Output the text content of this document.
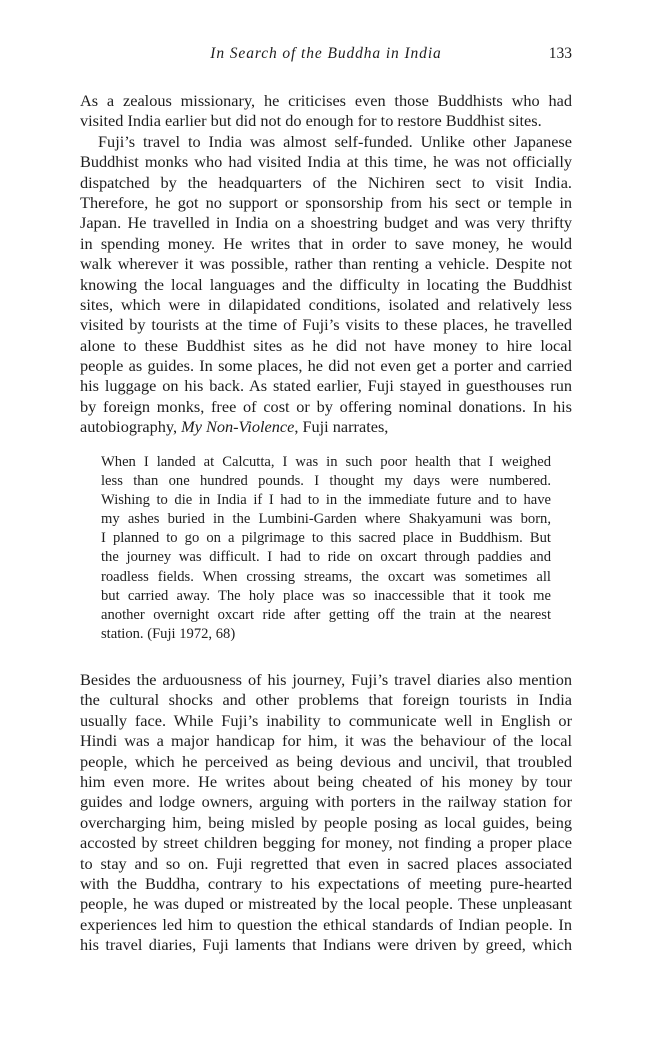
In Search of the Buddha in India	133
As a zealous missionary, he criticises even those Buddhists who had
visited India earlier but did not do enough for to restore Buddhist sites.
Fuji’s travel to India was almost self-funded. Unlike other Japanese
Buddhist monks who had visited India at this time, he was not officially
dispatched by the headquarters of the Nichiren sect to visit India.
Therefore, he got no support or sponsorship from his sect or temple in
Japan. He travelled in India on a shoestring budget and was very thrifty
in spending money. He writes that in order to save money, he would
walk wherever it was possible, rather than renting a vehicle. Despite not
knowing the local languages and the difficulty in locating the Buddhist
sites, which were in dilapidated conditions, isolated and relatively less
visited by tourists at the time of Fuji’s visits to these places, he travelled
alone to these Buddhist sites as he did not have money to hire local
people as guides. In some places, he did not even get a porter and carried
his luggage on his back. As stated earlier, Fuji stayed in guesthouses run
by foreign monks, free of cost or by offering nominal donations. In his
autobiography, My Non-Violence, Fuji narrates,
When I landed at Calcutta, I was in such poor health that I weighed
less than one hundred pounds. I thought my days were numbered.
Wishing to die in India if I had to in the immediate future and to have
my ashes buried in the Lumbini-Garden where Shakyamuni was born,
I planned to go on a pilgrimage to this sacred place in Buddhism. But
the journey was difficult. I had to ride on oxcart through paddies and
roadless fields. When crossing streams, the oxcart was sometimes all
but carried away. The holy place was so inaccessible that it took me
another overnight oxcart ride after getting off the train at the nearest
station. (Fuji 1972, 68)
Besides the arduousness of his journey, Fuji’s travel diaries also mention
the cultural shocks and other problems that foreign tourists in India
usually face. While Fuji’s inability to communicate well in English or
Hindi was a major handicap for him, it was the behaviour of the local
people, which he perceived as being devious and uncivil, that troubled
him even more. He writes about being cheated of his money by tour
guides and lodge owners, arguing with porters in the railway station for
overcharging him, being misled by people posing as local guides, being
accosted by street children begging for money, not finding a proper place
to stay and so on. Fuji regretted that even in sacred places associated
with the Buddha, contrary to his expectations of meeting pure-hearted
people, he was duped or mistreated by the local people. These unpleasant
experiences led him to question the ethical standards of Indian people. In
his travel diaries, Fuji laments that Indians were driven by greed, which
